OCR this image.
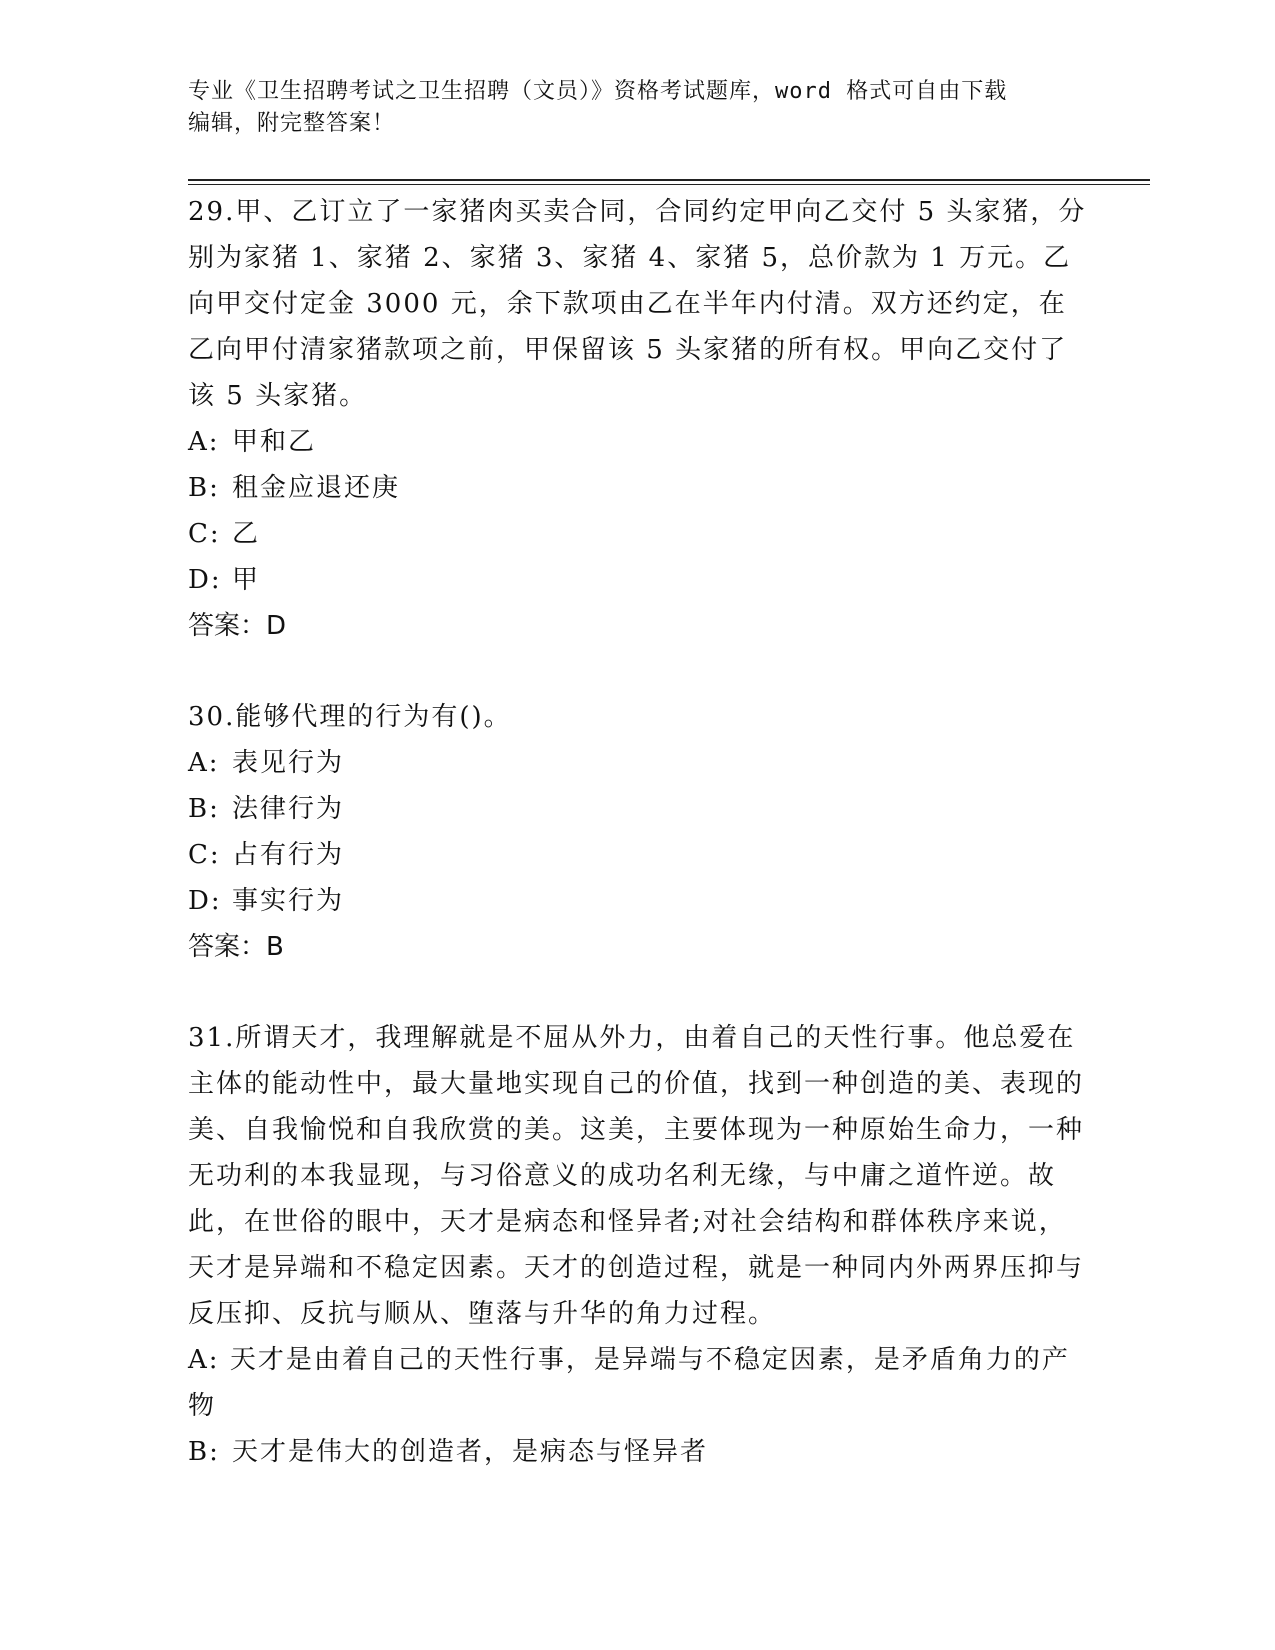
专业《卫生招聘考试之卫生招聘（文员）》资格考试题库，word 格式可自由下载
编辑，附完整答案！

29.甲、乙订立了一家猪肉买卖合同，合同约定甲向乙交付 5 头家猪，分别为家猪 1、家猪 2、家猪 3、家猪 4、家猪 5，总价款为 1 万元。乙向甲交付定金 3000 元，余下款项由乙在半年内付清。双方还约定，在乙向甲付清家猪款项之前，甲保留该 5 头家猪的所有权。甲向乙交付了该 5 头家猪。

A: 甲和乙
B: 租金应退还庚
C: 乙
D: 甲

答案：D

30.能够代理的行为有()。

A: 表见行为
B: 法律行为
C: 占有行为
D: 事实行为

答案：B

31.所谓天才，我理解就是不屈从外力，由着自己的天性行事。他总爱在主体的能动性中，最大量地实现自己的价值，找到一种创造的美、表现的美、自我愉悦和自我欣赏的美。这美，主要体现为一种原始生命力，一种无功利的本我显现，与习俗意义的成功名利无缘，与中庸之道忤逆。故此，在世俗的眼中，天才是病态和怪异者;对社会结构和群体秩序来说，天才是异端和不稳定因素。天才的创造过程，就是一种同内外两界压抑与反压抑、反抗与顺从、堕落与升华的角力过程。

A: 天才是由着自己的天性行事，是异端与不稳定因素，是矛盾角力的产物
B: 天才是伟大的创造者，是病态与怪异者
